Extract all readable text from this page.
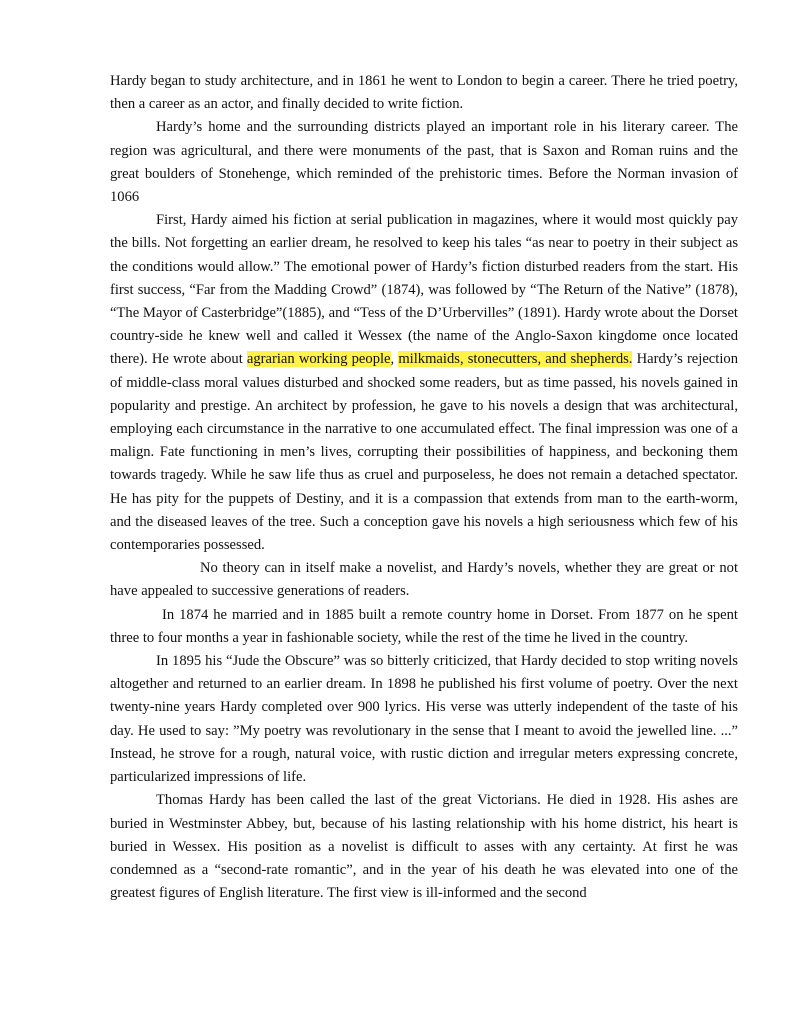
Hardy began to study architecture, and in 1861 he went to London to begin a career. There he tried poetry, then a career as an actor, and finally decided to write fiction.

Hardy’s home and the surrounding districts played an important role in his literary career. The region was agricultural, and there were monuments of the past, that is Saxon and Roman ruins and the great boulders of Stonehenge, which reminded of the prehistoric times. Before the Norman invasion of 1066

First, Hardy aimed his fiction at serial publication in magazines, where it would most quickly pay the bills. Not forgetting an earlier dream, he resolved to keep his tales “as near to poetry in their subject as the conditions would allow.” The emotional power of Hardy’s fiction disturbed readers from the start. His first success, “Far from the Madding Crowd” (1874), was followed by “The Return of the Native” (1878), “The Mayor of Casterbridge”(1885), and “Tess of the D’Urbervilles” (1891). Hardy wrote about the Dorset country-side he knew well and called it Wessex (the name of the Anglo-Saxon kingdome once located there). He wrote about agrarian working people, milkmaids, stonecutters, and shepherds. Hardy’s rejection of middle-class moral values disturbed and shocked some readers, but as time passed, his novels gained in popularity and prestige. An architect by profession, he gave to his novels a design that was architectural, employing each circumstance in the narrative to one accumulated effect. The final impression was one of a malign. Fate functioning in men’s lives, corrupting their possibilities of happiness, and beckoning them towards tragedy. While he saw life thus as cruel and purposeless, he does not remain a detached spectator. He has pity for the puppets of Destiny, and it is a compassion that extends from man to the earth-worm, and the diseased leaves of the tree. Such a conception gave his novels a high seriousness which few of his contemporaries possessed.

No theory can in itself make a novelist, and Hardy’s novels, whether they are great or not have appealed to successive generations of readers.

In 1874 he married and in 1885 built a remote country home in Dorset. From 1877 on he spent three to four months a year in fashionable society, while the rest of the time he lived in the country.

In 1895 his “Jude the Obscure” was so bitterly criticized, that Hardy decided to stop writing novels altogether and returned to an earlier dream. In 1898 he published his first volume of poetry. Over the next twenty-nine years Hardy completed over 900 lyrics. His verse was utterly independent of the taste of his day. He used to say: ”My poetry was revolutionary in the sense that I meant to avoid the jewelled line. ...” Instead, he strove for a rough, natural voice, with rustic diction and irregular meters expressing concrete, particularized impressions of life.

Thomas Hardy has been called the last of the great Victorians. He died in 1928. His ashes are buried in Westminster Abbey, but, because of his lasting relationship with his home district, his heart is buried in Wessex. His position as a novelist is difficult to asses with any certainty. At first he was condemned as a “second-rate romantic”, and in the year of his death he was elevated into one of the greatest figures of English literature. The first view is ill-informed and the second
